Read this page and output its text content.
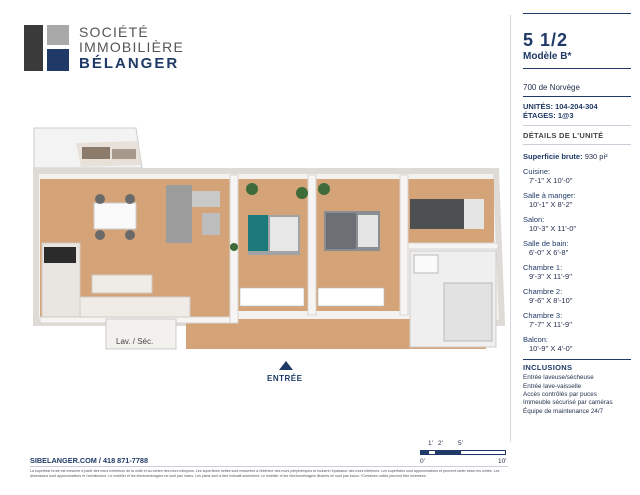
SOCIÉTÉ
IMMOBILIÈRE
BÉLANGER
5 1/2
Modèle B*
700 de Norvège
UNITÉS: 104-204-304
ÉTAGES: 1@3
DÉTAILS DE L'UNITÉ
Superficie brute: 930 pi²
Cuisine:
7'-1'' X 10'-0''
Salle à manger:
10'-1'' X 8'-2''
Salon:
10'-3'' X 11'-0''
Salle de bain:
6'-0'' X 6'-8''
Chambre 1:
9'-3'' X 11'-9''
Chambre 2:
9'-6'' X 8'-10''
Chambre 3:
7'-7'' X 11'-9''
Balcon:
10'-9'' X 4'-0''
INCLUSIONS
Entrée laveuse/sécheuse
Entrée lave-vaisselle
Accès contrôlés par puces
Immeuble sécurisé par caméras
Équipe de maintenance 24/7
Lav. / Séc.
ENTRÉE
1' 2' 5'
0'	10'
SIBELANGER.COM / 418 871-7788
La superficie brute est mesurée à partir des murs extérieurs de la unité et au centre des murs mitoyens. Les superficies nettes sont mesurées à l'intérieur des murs périphériques et incluent l'épaisseur des murs intérieurs. Les superficies sont approximatives et peuvent varier selon les unités. Les dimensions sont approximatives et l'architecture. Le mobilier et les électroménagers ne sont pas inclus. Les plans sont à titre indicatif seulement. Le mobilier et les électroménagers illustrés ne sont pas inclus. *Certaines unités peuvent être inversées.
